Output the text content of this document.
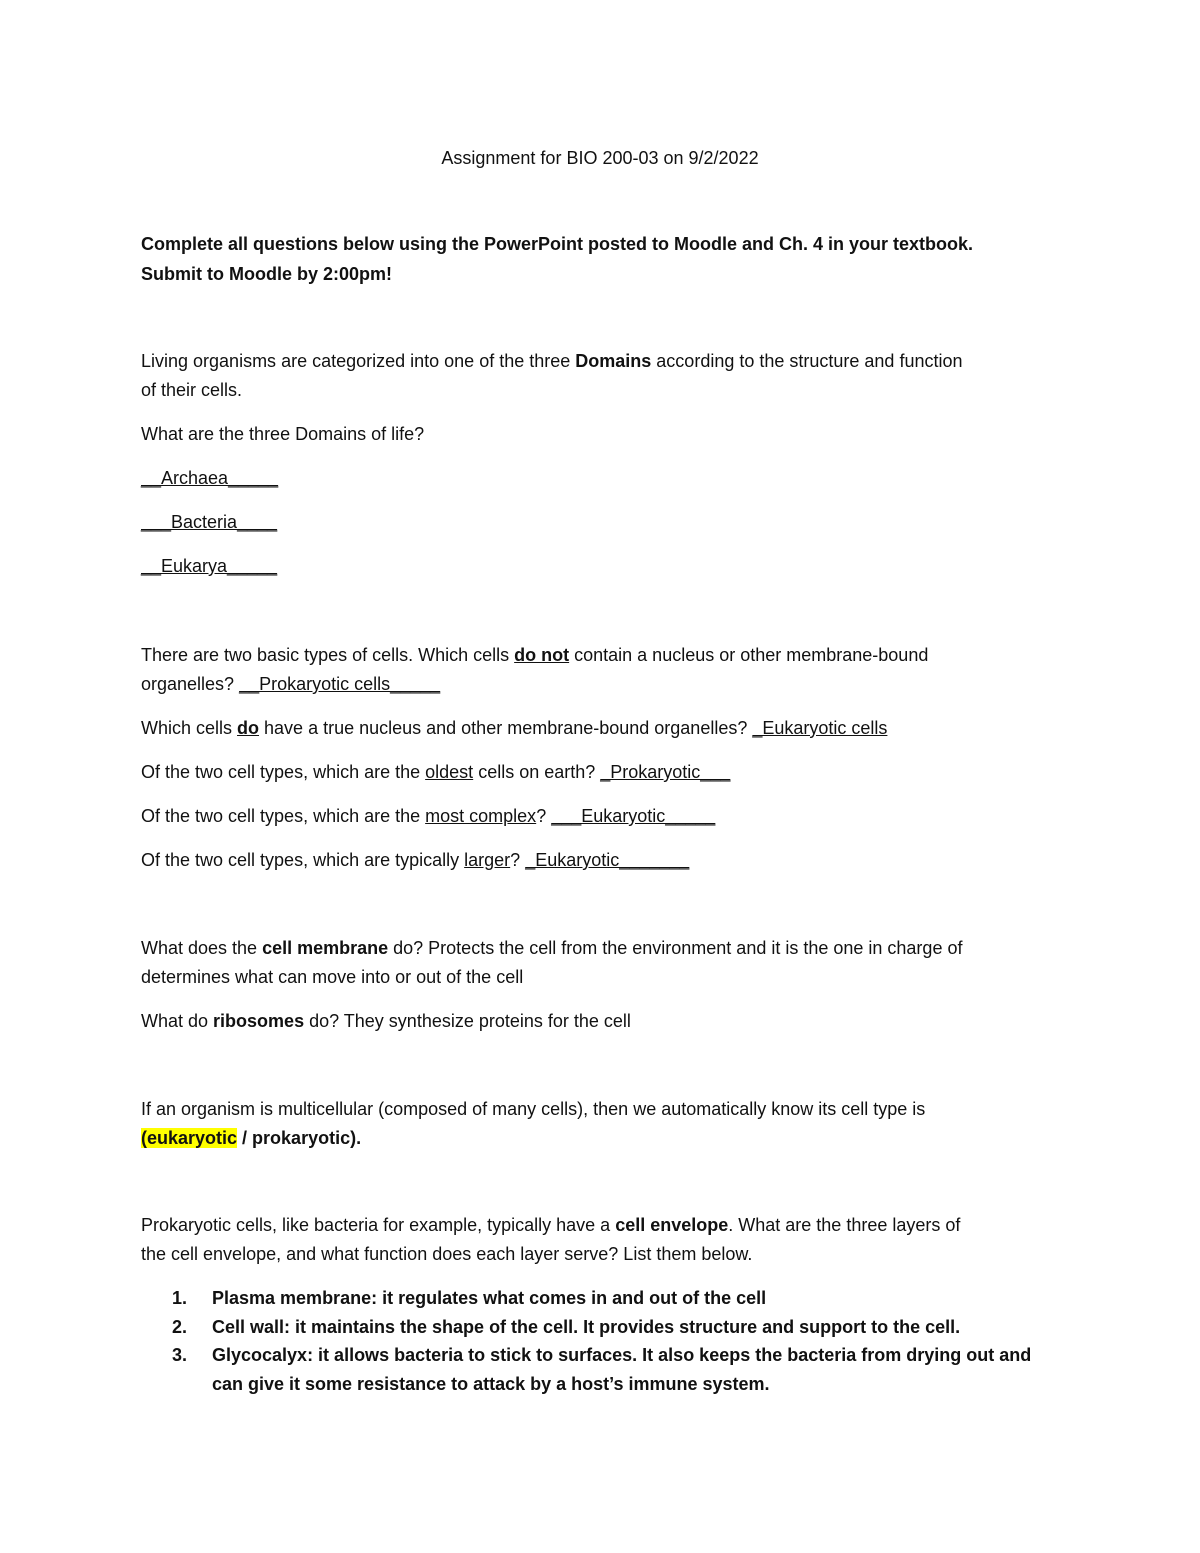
Assignment for BIO 200-03 on 9/2/2022
Complete all questions below using the PowerPoint posted to Moodle and Ch. 4 in your textbook.
Submit to Moodle by 2:00pm!
Living organisms are categorized into one of the three Domains according to the structure and function
of their cells.
What are the three Domains of life?
__Archaea_____
___Bacteria____
__Eukarya_____
There are two basic types of cells. Which cells do not contain a nucleus or other membrane-bound
organelles? __Prokaryotic cells_____
Which cells do have a true nucleus and other membrane-bound organelles? _Eukaryotic cells
Of the two cell types, which are the oldest cells on earth? _Prokaryotic___
Of the two cell types, which are the most complex? ___Eukaryotic_____
Of the two cell types, which are typically larger? _Eukaryotic_______
What does the cell membrane do? Protects the cell from the environment and it is the one in charge of
determines what can move into or out of the cell
What do ribosomes do? They synthesize proteins for the cell
If an organism is multicellular (composed of many cells), then we automatically know its cell type is
(eukaryotic / prokaryotic).
Prokaryotic cells, like bacteria for example, typically have a cell envelope. What are the three layers of
the cell envelope, and what function does each layer serve? List them below.
1. Plasma membrane: it regulates what comes in and out of the cell
2. Cell wall: it maintains the shape of the cell. It provides structure and support to the cell.
3. Glycocalyx: it allows bacteria to stick to surfaces. It also keeps the bacteria from drying out and
can give it some resistance to attack by a host’s immune system.
